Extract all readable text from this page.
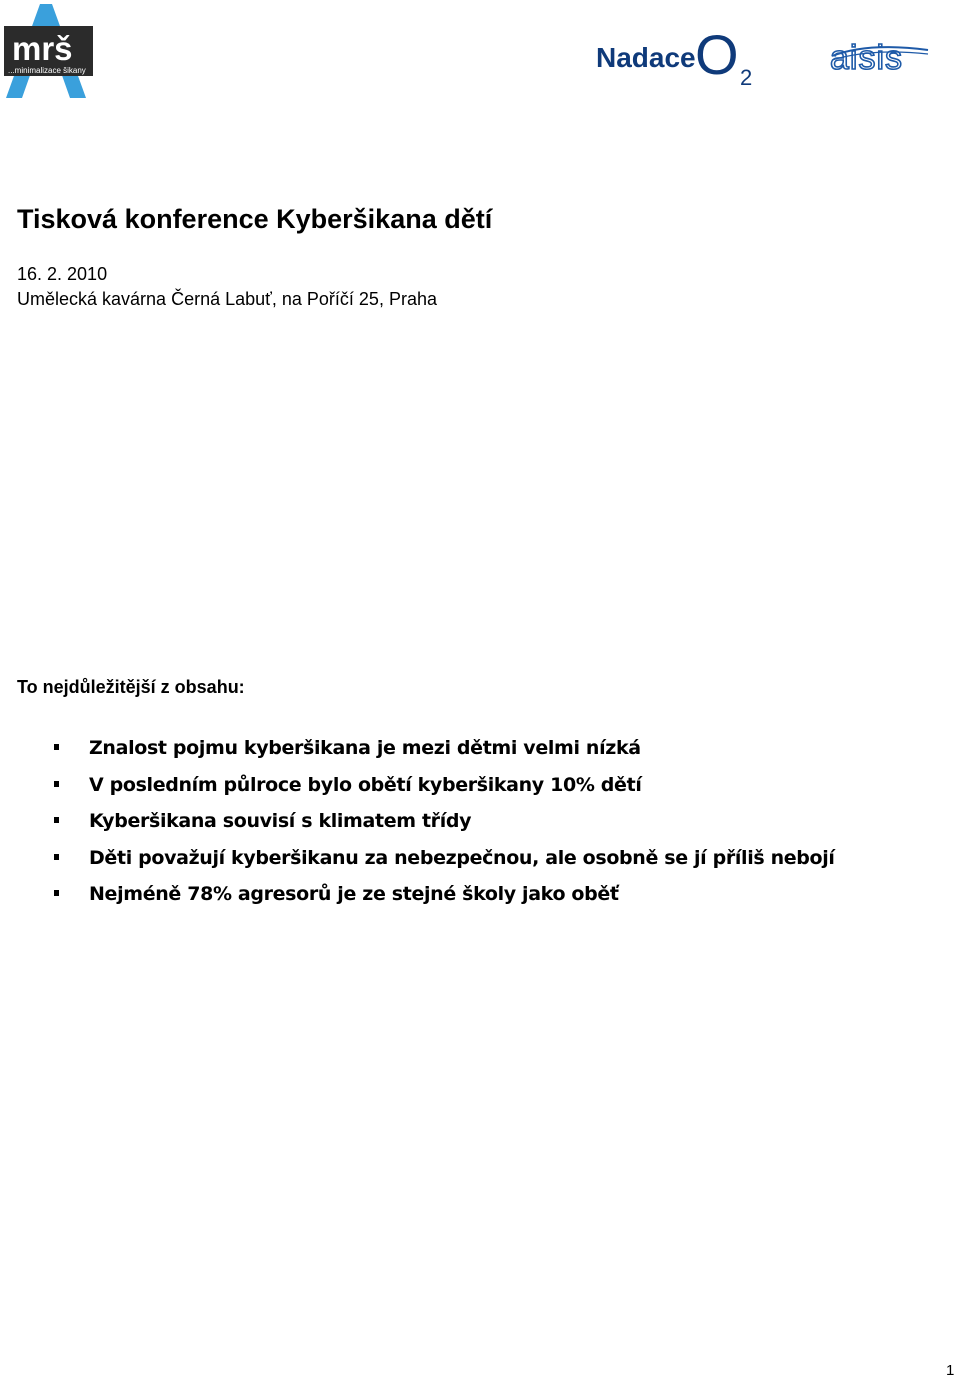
mrš
...minimalizace šikany	Nadace O 2
aisis
Tisková konference Kyberšikana dětí
16. 2. 2010
Umělecká kavárna Černá Labuť, na Poříčí 25, Praha
To nejdůležitější z obsahu:
Znalost pojmu kyberšikana je mezi dětmi velmi nízká
V posledním půlroce bylo obětí kyberšikany 10% dětí
Kyberšikana souvisí s klimatem třídy
Děti považují kyberšikanu za nebezpečnou, ale osobně se jí příliš nebojí
Nejméně 78% agresorů je ze stejné školy jako oběť
1
